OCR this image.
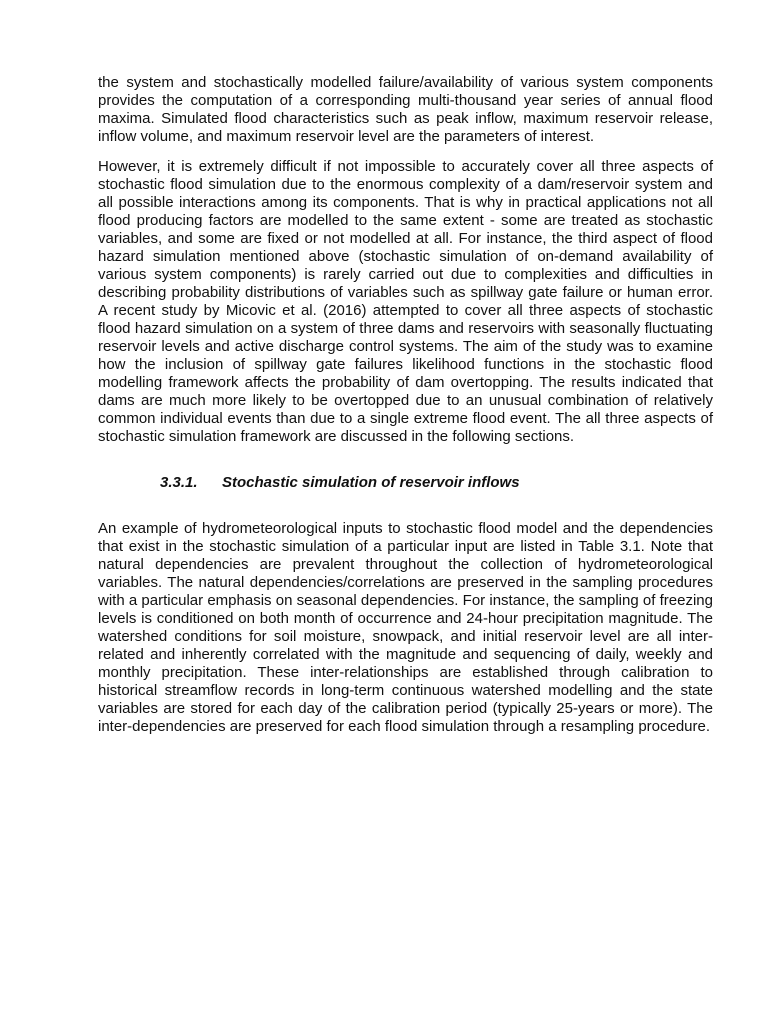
the system and stochastically modelled failure/availability of various system components provides the computation of a corresponding multi-thousand year series of annual flood maxima. Simulated flood characteristics such as peak inflow, maximum reservoir release, inflow volume, and maximum reservoir level are the parameters of interest.

However, it is extremely difficult if not impossible to accurately cover all three aspects of stochastic flood simulation due to the enormous complexity of a dam/reservoir system and all possible interactions among its components. That is why in practical applications not all flood producing factors are modelled to the same extent - some are treated as stochastic variables, and some are fixed or not modelled at all. For instance, the third aspect of flood hazard simulation mentioned above (stochastic simulation of on-demand availability of various system components) is rarely carried out due to complexities and difficulties in describing probability distributions of variables such as spillway gate failure or human error. A recent study by Micovic et al. (2016) attempted to cover all three aspects of stochastic flood hazard simulation on a system of three dams and reservoirs with seasonally fluctuating reservoir levels and active discharge control systems. The aim of the study was to examine how the inclusion of spillway gate failures likelihood functions in the stochastic flood modelling framework affects the probability of dam overtopping. The results indicated that dams are much more likely to be overtopped due to an unusual combination of relatively common individual events than due to a single extreme flood event. The all three aspects of stochastic simulation framework are discussed in the following sections.

3.3.1. Stochastic simulation of reservoir inflows

An example of hydrometeorological inputs to stochastic flood model and the dependencies that exist in the stochastic simulation of a particular input are listed in Table 3.1. Note that natural dependencies are prevalent throughout the collection of hydrometeorological variables. The natural dependencies/correlations are preserved in the sampling procedures with a particular emphasis on seasonal dependencies. For instance, the sampling of freezing levels is conditioned on both month of occurrence and 24-hour precipitation magnitude. The watershed conditions for soil moisture, snowpack, and initial reservoir level are all inter-related and inherently correlated with the magnitude and sequencing of daily, weekly and monthly precipitation. These inter-relationships are established through calibration to historical streamflow records in long-term continuous watershed modelling and the state variables are stored for each day of the calibration period (typically 25-years or more). The inter-dependencies are preserved for each flood simulation through a resampling procedure.
